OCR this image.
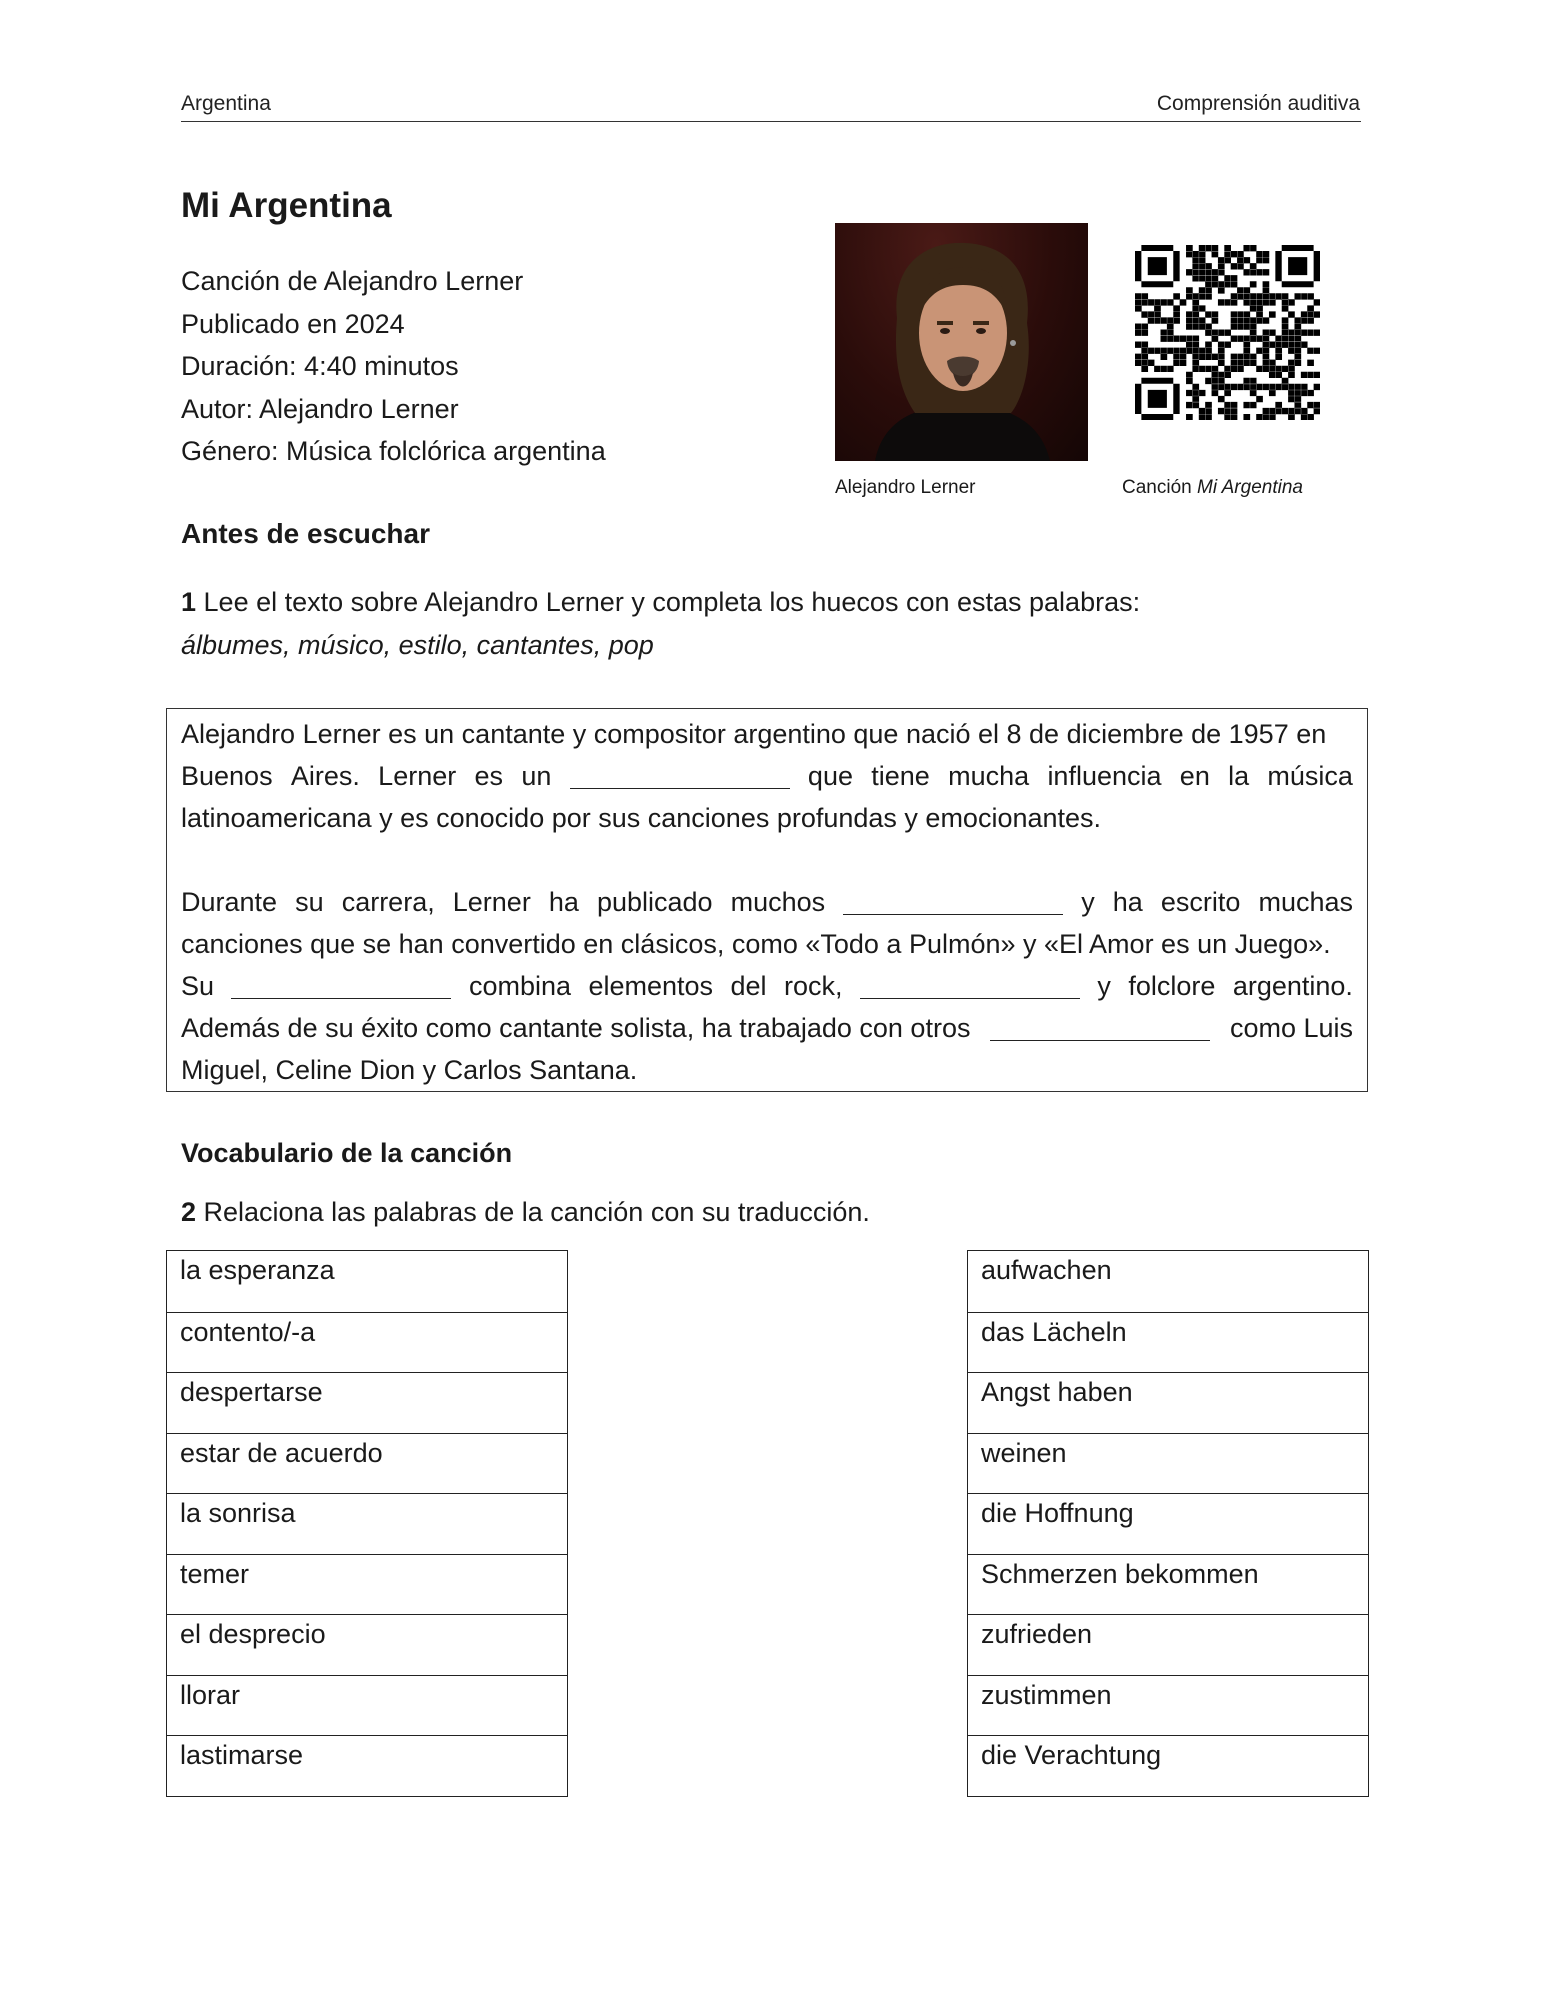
Argentina	Comprensión auditiva
Mi Argentina
Canción de Alejandro Lerner
Publicado en 2024
Duración: 4:40 minutos
Autor: Alejandro Lerner
Género: Música folclórica argentina
Alejandro Lerner	Canción Mi Argentina
Antes de escuchar
1 Lee el texto sobre Alejandro Lerner y completa los huecos con estas palabras:
álbumes, músico, estilo, cantantes, pop
Alejandro Lerner es un cantante y compositor argentino que nació el 8 de diciembre de 1957 en
Buenos Aires. Lerner es un	que tiene mucha influencia en la música
latinoamericana y es conocido por sus canciones profundas y emocionantes.
Durante su carrera, Lerner ha publicado muchos	y ha escrito muchas
canciones que se han convertido en clásicos, como «Todo a Pulmón» y «El Amor es un Juego».
Su	combina elementos del rock,	y folclore argentino.
Además de su éxito como cantante solista, ha trabajado con otros	como Luis
Miguel, Celine Dion y Carlos Santana.
Vocabulario de la canción
2 Relaciona las palabras de la canción con su traducción.
la esperanza
contento/-a
despertarse
estar de acuerdo
la sonrisa
temer
el desprecio
llorar
lastimarse
aufwachen
das Lächeln
Angst haben
weinen
die Hoffnung
Schmerzen bekommen
zufrieden
zustimmen
die Verachtung
